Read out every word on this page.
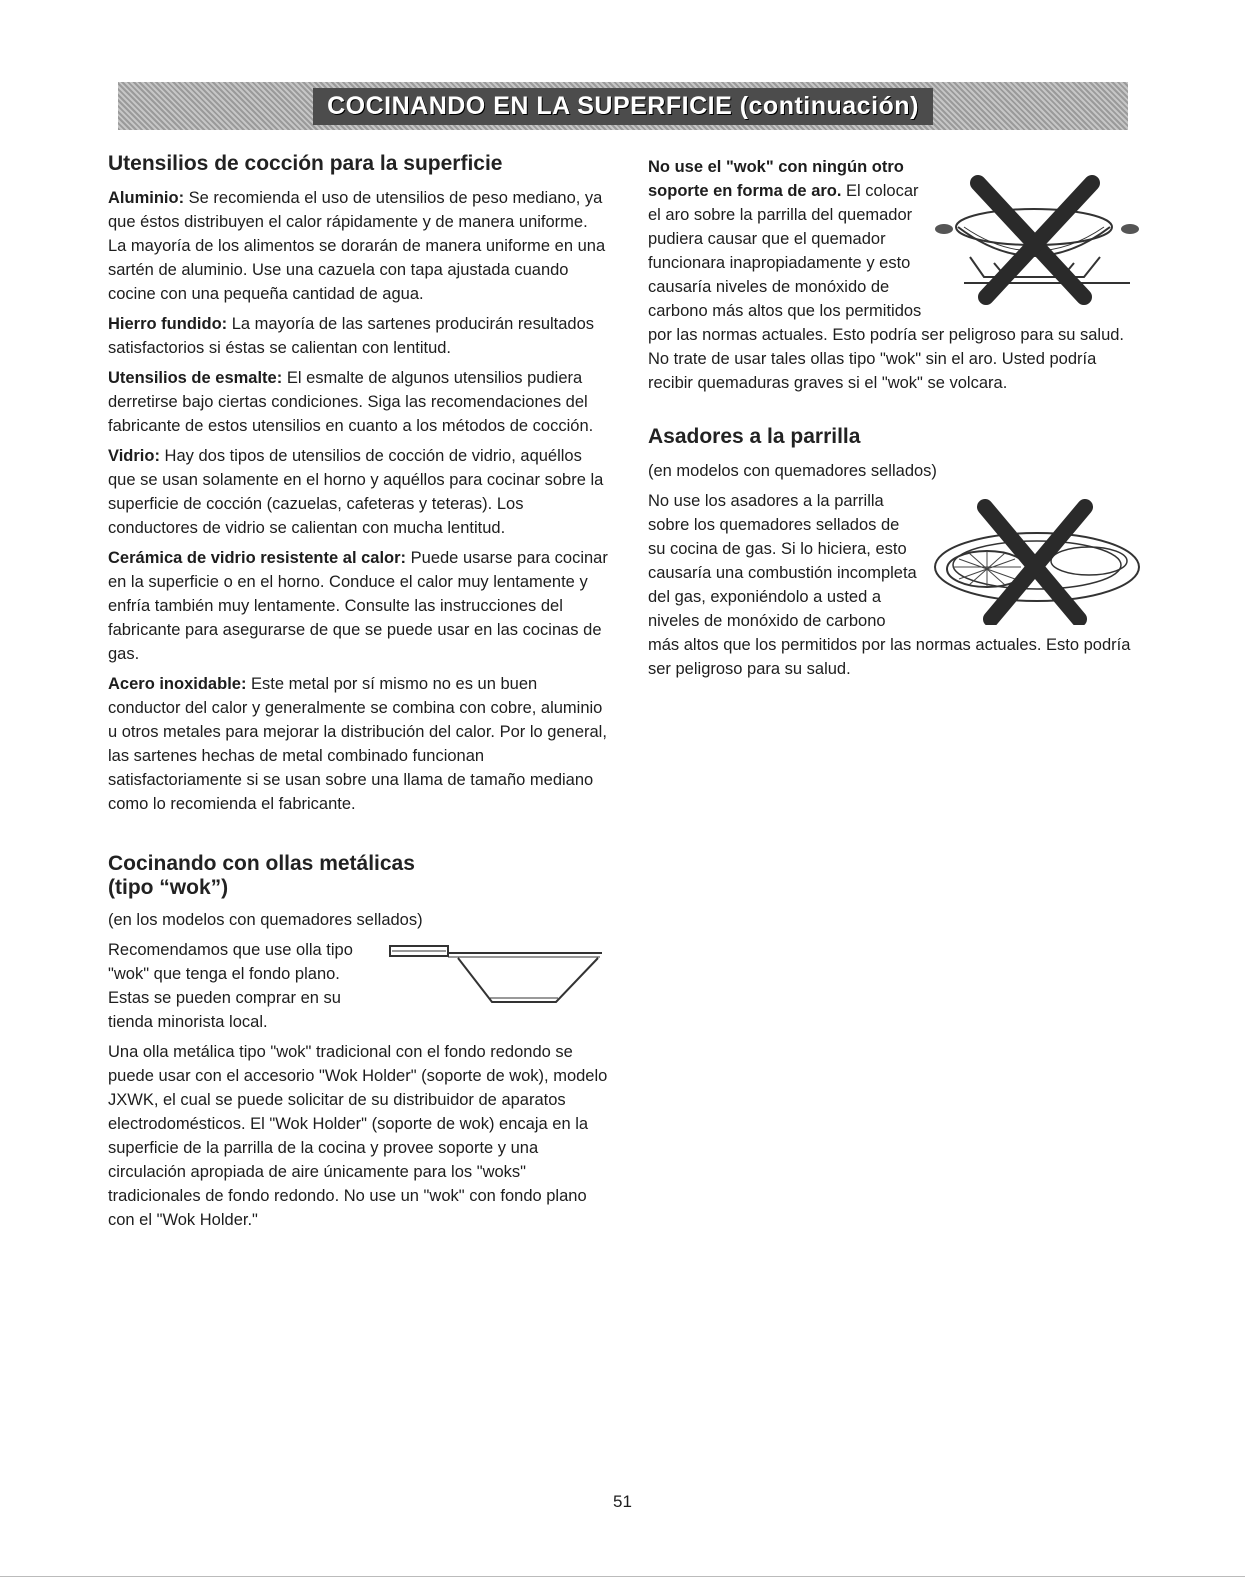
COCINANDO EN LA SUPERFICIE (continuación)
Utensilios de cocción para la superficie

Aluminio: Se recomienda el uso de utensilios de peso mediano, ya que éstos distribuyen el calor rápidamente y de manera uniforme. La mayoría de los alimentos se dorarán de manera uniforme en una sartén de aluminio. Use una cazuela con tapa ajustada cuando cocine con una pequeña cantidad de agua.

Hierro fundido: La mayoría de las sartenes producirán resultados satisfactorios si éstas se calientan con lentitud.

Utensilios de esmalte: El esmalte de algunos utensilios pudiera derretirse bajo ciertas condiciones. Siga las recomendaciones del fabricante de estos utensilios en cuanto a los métodos de cocción.

Vidrio: Hay dos tipos de utensilios de cocción de vidrio, aquéllos que se usan solamente en el horno y aquéllos para cocinar sobre la superficie de cocción (cazuelas, cafeteras y teteras). Los conductores de vidrio se calientan con mucha lentitud.

Cerámica de vidrio resistente al calor: Puede usarse para cocinar en la superficie o en el horno. Conduce el calor muy lentamente y enfría también muy lentamente. Consulte las instrucciones del fabricante para asegurarse de que se puede usar en las cocinas de gas.

Acero inoxidable: Este metal por sí mismo no es un buen conductor del calor y generalmente se combina con cobre, aluminio u otros metales para mejorar la distribución del calor. Por lo general, las sartenes hechas de metal combinado funcionan satisfactoriamente si se usan sobre una llama de tamaño mediano como lo recomienda el fabricante.

Cocinando con ollas metálicas
(tipo “wok”)

(en los modelos con quemadores sellados)

Recomendamos que use olla tipo "wok" que tenga el fondo plano. Estas se pueden comprar en su tienda minorista local.

Una olla metálica tipo "wok" tradicional con el fondo redondo se puede usar con el accesorio "Wok Holder" (soporte de wok), modelo JXWK, el cual se puede solicitar de su distribuidor de aparatos electrodomésticos. El "Wok Holder" (soporte de wok) encaja en la superficie de la parrilla de la cocina y provee soporte y una circulación apropiada de aire únicamente para los "woks" tradicionales de fondo redondo. No use un "wok" con fondo plano con el "Wok Holder."

No use el "wok" con ningún otro soporte en forma de aro. El colocar el aro sobre la parrilla del quemador pudiera causar que el quemador funcionara inapropiadamente y esto causaría niveles de monóxido de carbono más altos que los permitidos por las normas actuales. Esto podría ser peligroso para su salud. No trate de usar tales ollas tipo "wok" sin el aro. Usted podría recibir quemaduras graves si el "wok" se volcara.

Asadores a la parrilla

(en modelos con quemadores sellados)

No use los asadores a la parrilla sobre los quemadores sellados de su cocina de gas. Si lo hiciera, esto causaría una combustión incompleta del gas, exponiéndolo a usted a niveles de monóxido de carbono más altos que los permitidos por las normas actuales. Esto podría ser peligroso para su salud.

51
